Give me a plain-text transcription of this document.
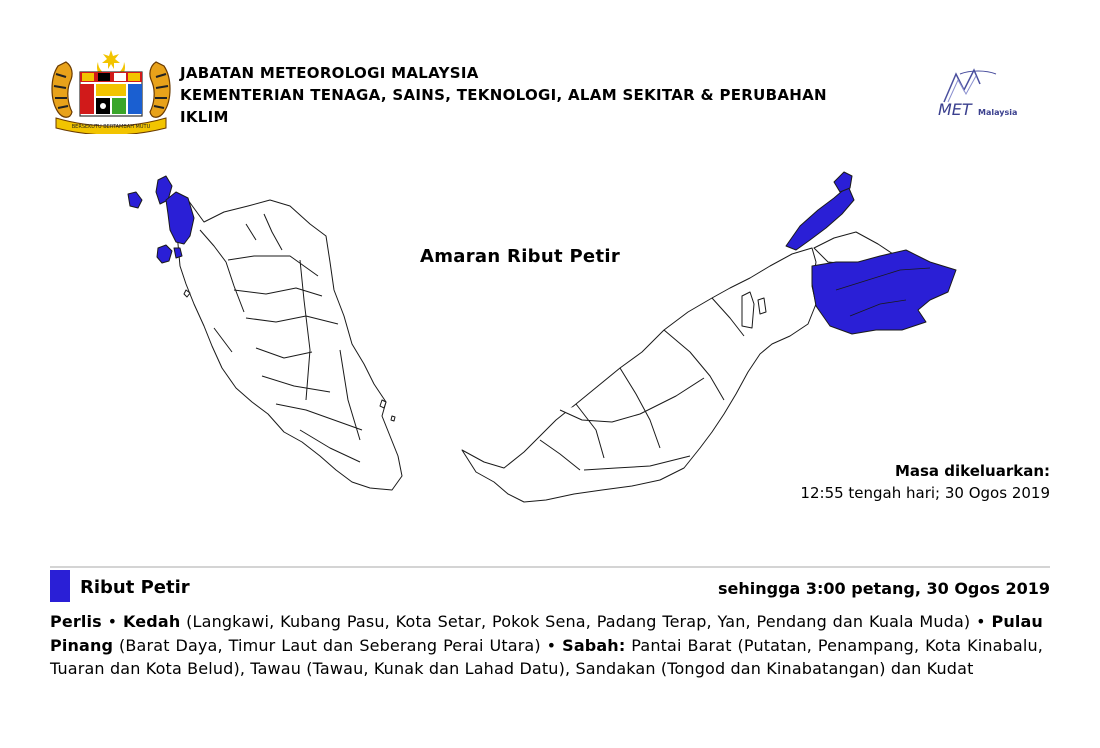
BERSEKUTU BERTAMBAH MUTU
JABATAN METEOROLOGI MALAYSIA
KEMENTERIAN TENAGA, SAINS, TEKNOLOGI, ALAM SEKITAR & PERUBAHAN
IKLIM	MET Malaysia
Amaran Ribut Petir
Masa dikeluarkan:
12:55 tengah hari; 30 Ogos 2019
Ribut Petir	sehingga 3:00 petang, 30 Ogos 2019
Perlis • Kedah (Langkawi, Kubang Pasu, Kota Setar, Pokok Sena, Padang Terap, Yan, Pendang dan Kuala Muda) • Pulau Pinang (Barat Daya, Timur Laut dan Seberang Perai Utara) • Sabah: Pantai Barat (Putatan, Penampang, Kota Kinabalu, Tuaran dan Kota Belud), Tawau (Tawau, Kunak dan Lahad Datu), Sandakan (Tongod dan Kinabatangan) dan Kudat
